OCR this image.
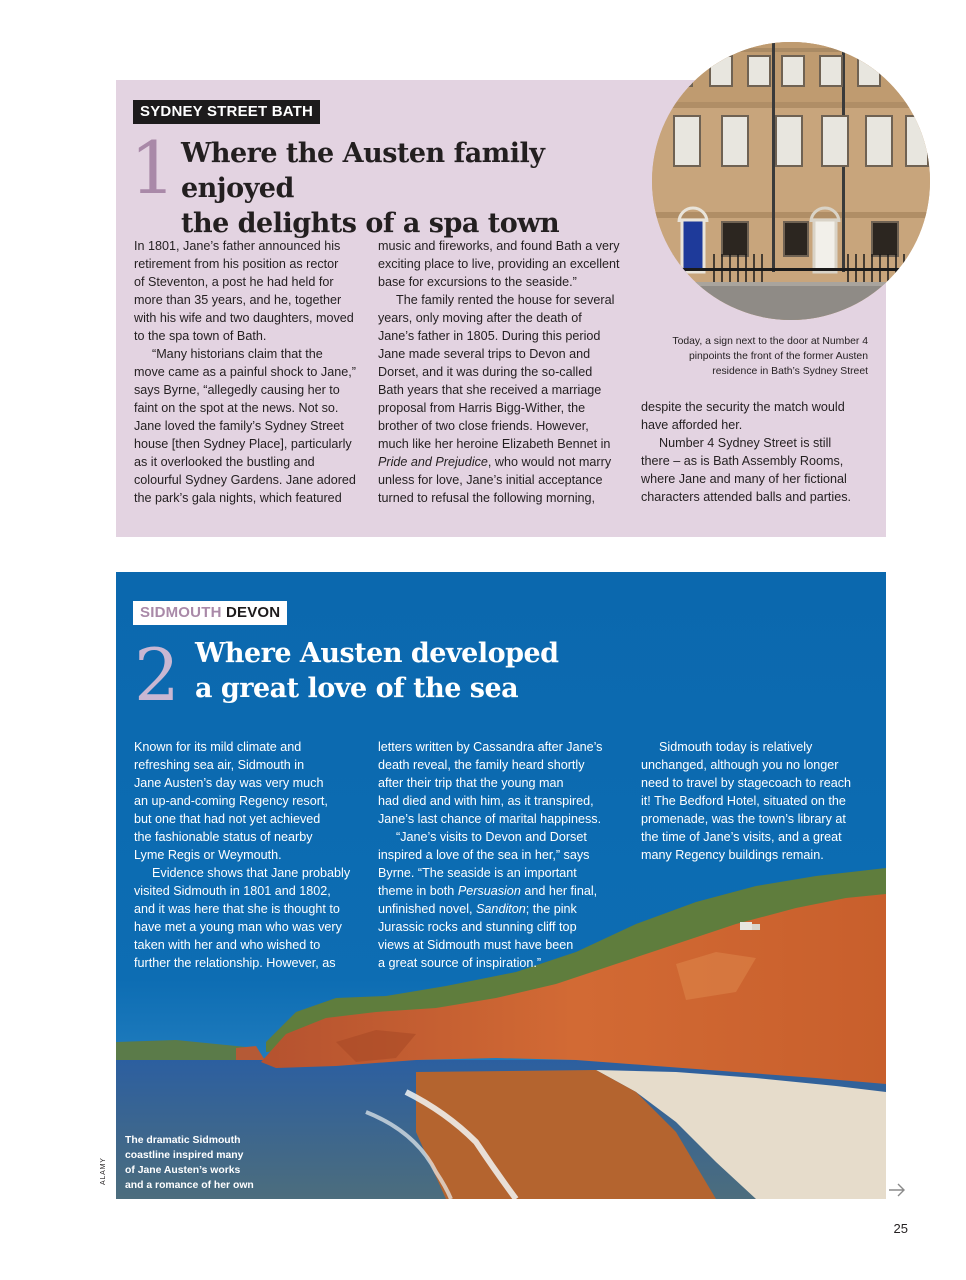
SYDNEY STREET BATH
1 Where the Austen family enjoyed
the delights of a spa town

In 1801, Jane’s father announced his

retirement from his position as rector

of Steventon, a post he had held for

more than 35 years, and he, together

with his wife and two daughters, moved

to the spa town of Bath.

“Many historians claim that the

move came as a painful shock to Jane,”

says Byrne, “allegedly causing her to

faint on the spot at the news. Not so.

Jane loved the family’s Sydney Street

house [then Sydney Place], particularly

as it overlooked the bustling and

colourful Sydney Gardens. Jane adored

the park’s gala nights, which featured

music and fireworks, and found Bath a very

exciting place to live, providing an excellent

base for excursions to the seaside.”

The family rented the house for several

years, only moving after the death of

Jane’s father in 1805. During this period

Jane made several trips to Devon and

Dorset, and it was during the so-called

Bath years that she received a marriage

proposal from Harris Bigg-Wither, the

brother of two close friends. However,

much like her heroine Elizabeth Bennet in

Pride and Prejudice, who would not marry

unless for love, Jane’s initial acceptance

turned to refusal the following morning,

despite the security the match would

have afforded her.

Number 4 Sydney Street is still

there – as is Bath Assembly Rooms,

where Jane and many of her fictional

characters attended balls and parties.

Today, a sign next to the door at Number 4

pinpoints the front of the former Austen

residence in Bath’s Sydney Street

SIDMOUTH DEVON
2 Where Austen developed
a great love of the sea

Known for its mild climate and

refreshing sea air, Sidmouth in

Jane Austen’s day was very much

an up-and-coming Regency resort,

but one that had not yet achieved

the fashionable status of nearby

Lyme Regis or Weymouth.

Evidence shows that Jane probably

visited Sidmouth in 1801 and 1802,

and it was here that she is thought to

have met a young man who was very

taken with her and who wished to

further the relationship. However, as

letters written by Cassandra after Jane’s

death reveal, the family heard shortly

after their trip that the young man

had died and with him, as it transpired,

Jane’s last chance of marital happiness.

“Jane’s visits to Devon and Dorset

inspired a love of the sea in her,” says

Byrne. “The seaside is an important

theme in both Persuasion and her final,

unfinished novel, Sanditon; the pink

Jurassic rocks and stunning cliff top

views at Sidmouth must have been

a great source of inspiration.”

Sidmouth today is relatively

unchanged, although you no longer

need to travel by stagecoach to reach

it! The Bedford Hotel, situated on the

promenade, was the town’s library at

the time of Jane’s visits, and a great

many Regency buildings remain.

The dramatic Sidmouth

coastline inspired many

of Jane Austen’s works

and a romance of her own

ALAMY
25
